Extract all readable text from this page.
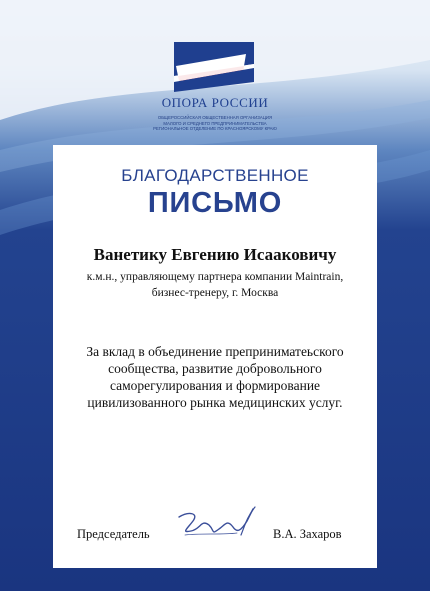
ОПОРА РОССИИ
ОБЩЕРОССИЙСКАЯ ОБЩЕСТВЕННАЯ ОРГАНИЗАЦИЯ
МАЛОГО И СРЕДНЕГО ПРЕДПРИНИМАТЕЛЬСТВА
РЕГИОНАЛЬНОЕ ОТДЕЛЕНИЕ ПО КРАСНОЯРСКОМУ КРАЮ
БЛАГОДАРСТВЕННОЕ
ПИСЬМО
Ванетику Евгению Исааковичу
к.м.н., управляющему партнера компании Maintrain,
бизнес-тренеру, г. Москва
За вклад в объединение преприниматеьского
сообщества, развитие добровольного
саморегулирования и формирование
цивилизованного рынка медицинских услуг.
Председатель	В.А. Захаров
